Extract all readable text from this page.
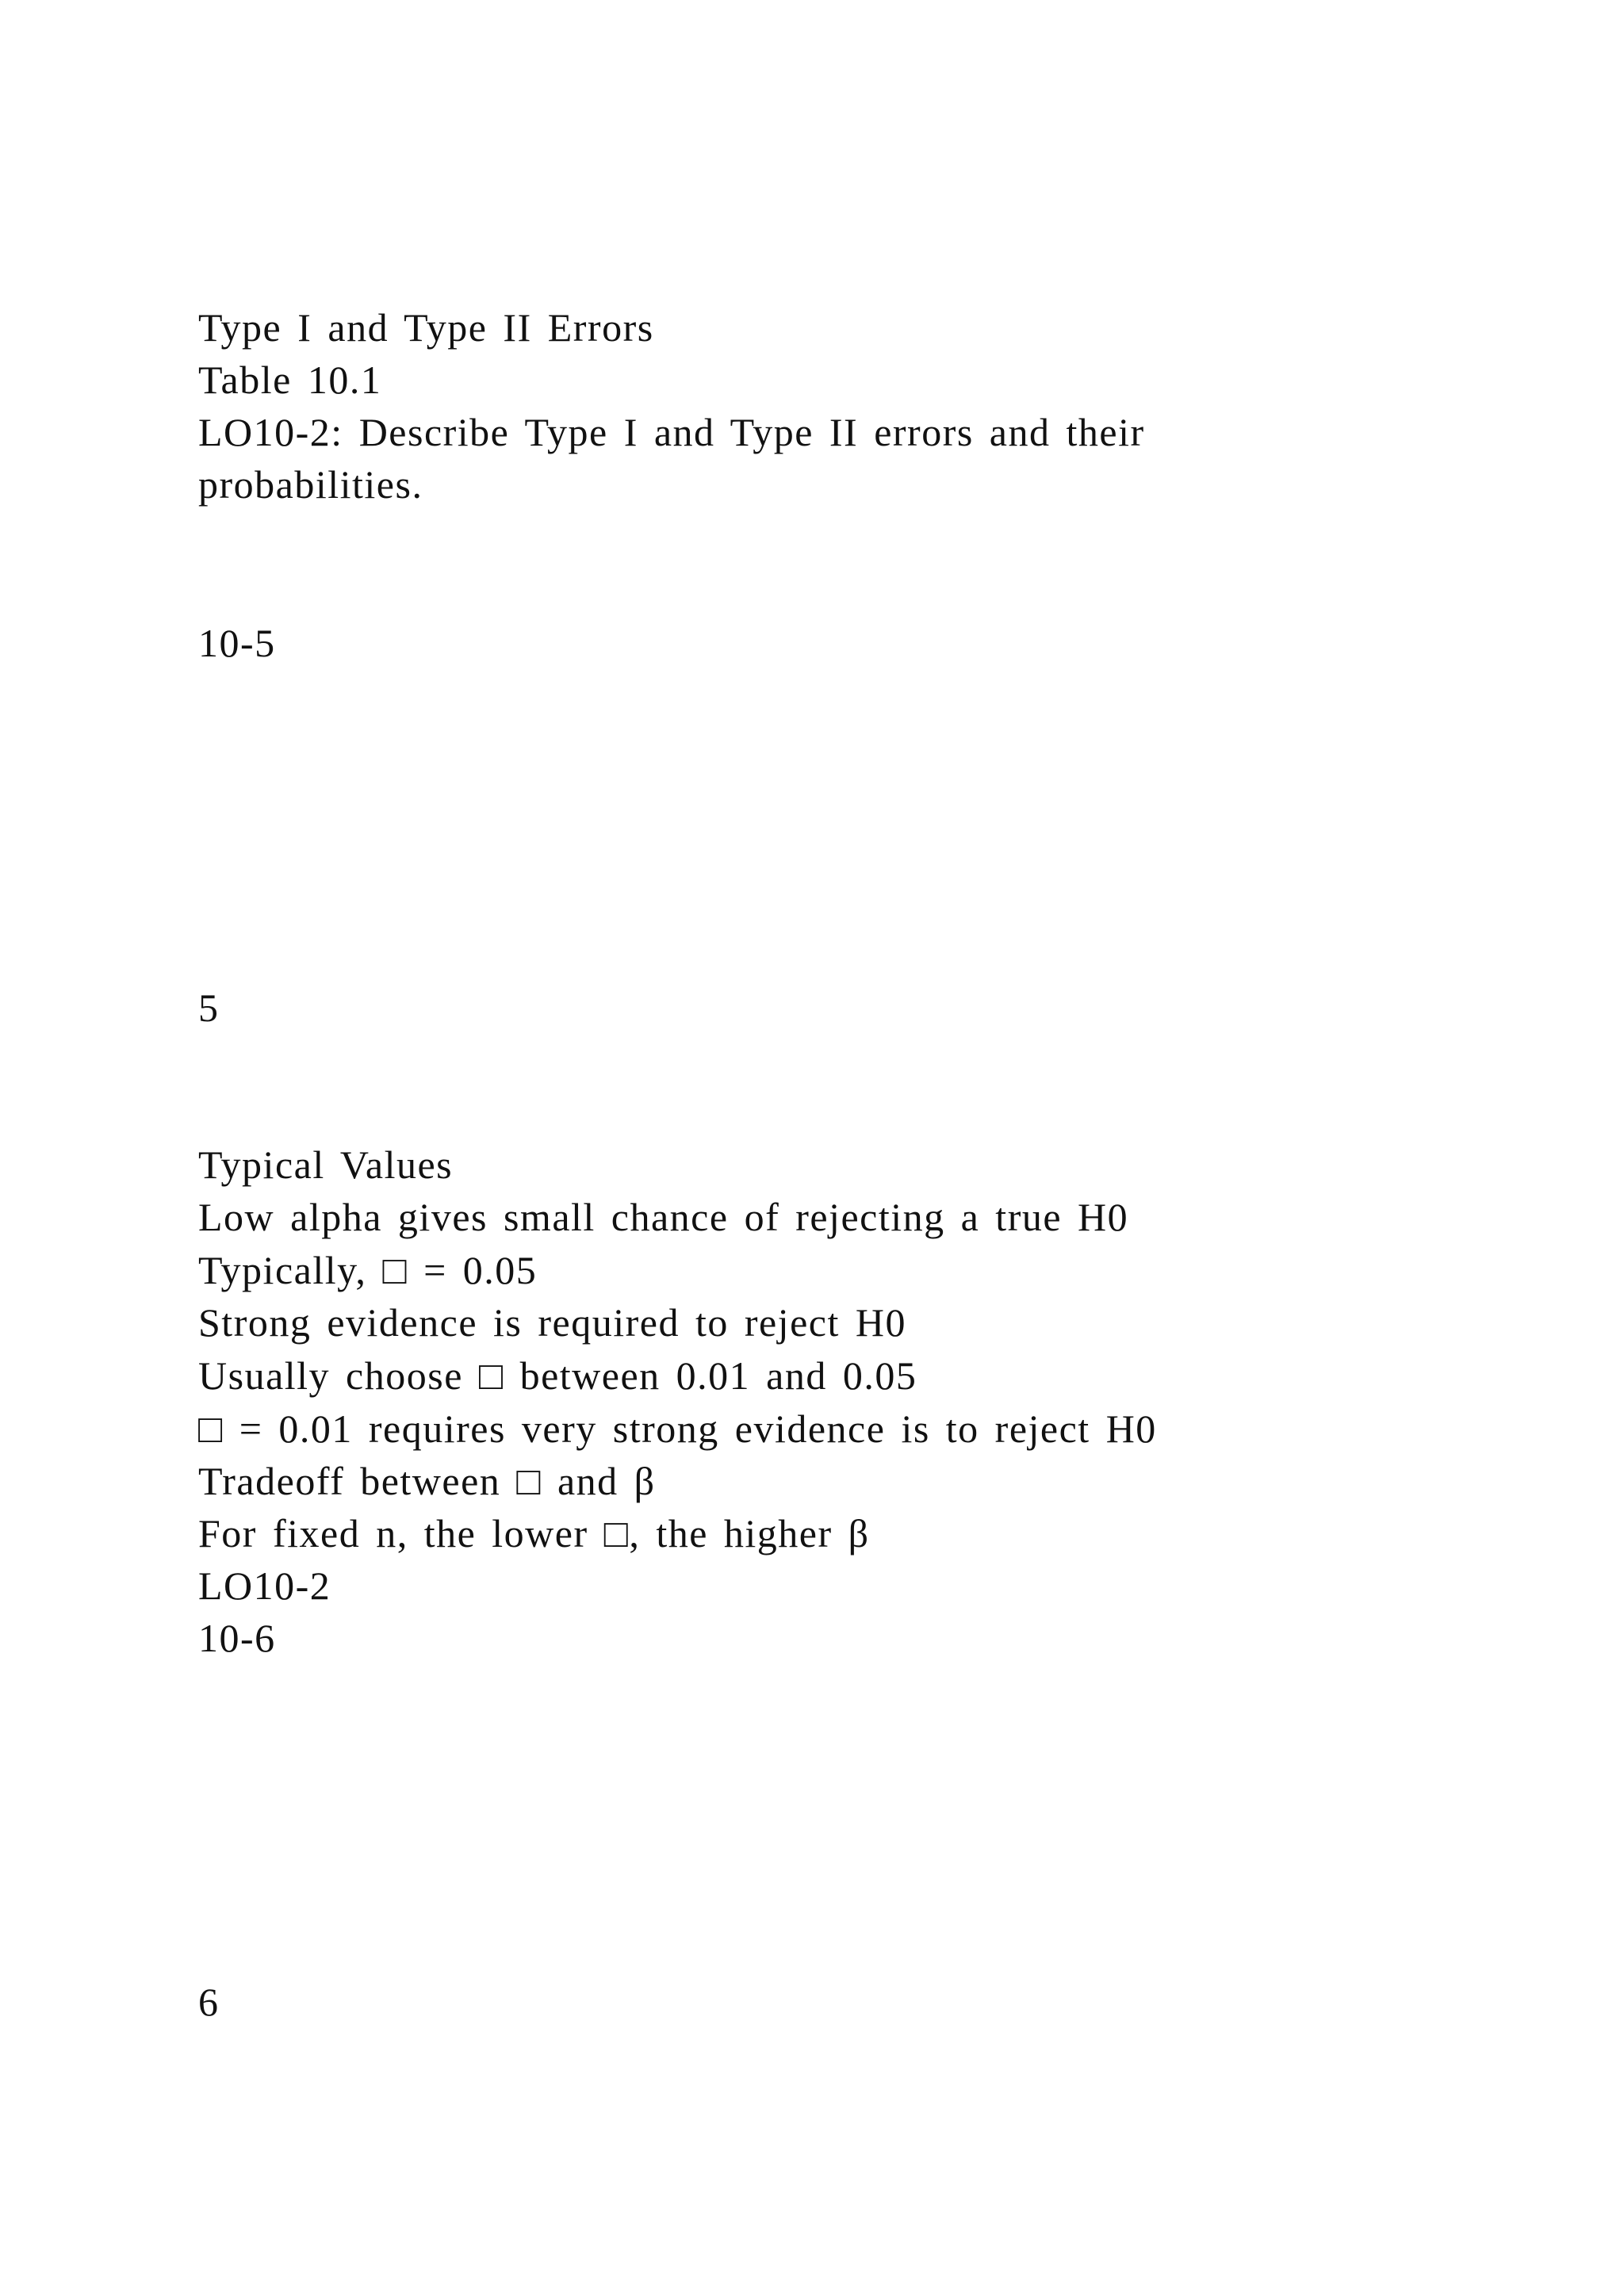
Type I and Type II Errors
Table 10.1
LO10-2: Describe Type I and Type II errors and their
probabilities.
10-5
5
Typical Values
Low alpha gives small chance of rejecting a true H0
Typically, □ = 0.05
Strong evidence is required to reject H0
Usually choose □ between 0.01 and 0.05
□ = 0.01 requires very strong evidence is to reject H0
Tradeoff between □ and β
For fixed n, the lower □, the higher β
LO10-2
10-6
6
